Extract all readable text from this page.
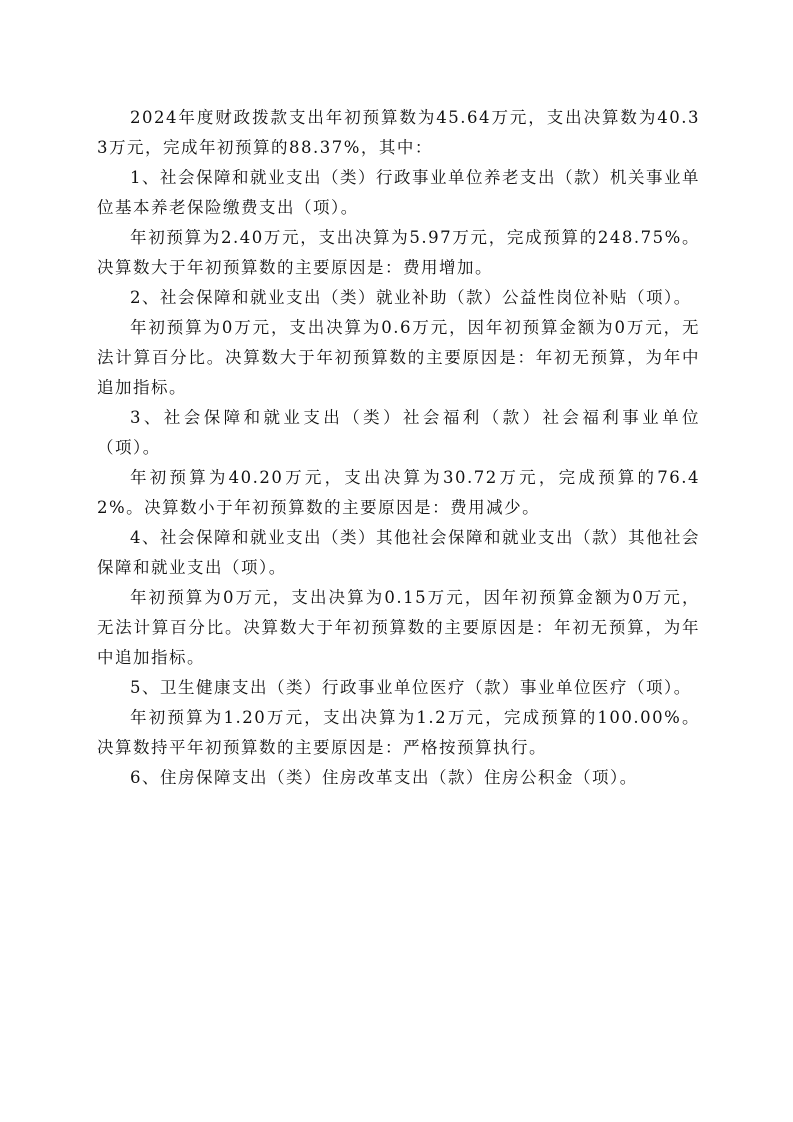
2024年度财政拨款支出年初预算数为45.64万元，支出决算数为40.33万元，完成年初预算的88.37%，其中：

1、社会保障和就业支出（类）行政事业单位养老支出（款）机关事业单位基本养老保险缴费支出（项）。

年初预算为2.40万元，支出决算为5.97万元，完成预算的248.75%。决算数大于年初预算数的主要原因是：费用增加。

2、社会保障和就业支出（类）就业补助（款）公益性岗位补贴（项）。

年初预算为0万元，支出决算为0.6万元，因年初预算金额为0万元，无法计算百分比。决算数大于年初预算数的主要原因是：年初无预算，为年中追加指标。

3、社会保障和就业支出（类）社会福利（款）社会福利事业单位（项）。

年初预算为40.20万元，支出决算为30.72万元，完成预算的76.42%。决算数小于年初预算数的主要原因是：费用减少。

4、社会保障和就业支出（类）其他社会保障和就业支出（款）其他社会保障和就业支出（项）。

年初预算为0万元，支出决算为0.15万元，因年初预算金额为0万元，无法计算百分比。决算数大于年初预算数的主要原因是：年初无预算，为年中追加指标。

5、卫生健康支出（类）行政事业单位医疗（款）事业单位医疗（项）。

年初预算为1.20万元，支出决算为1.2万元，完成预算的100.00%。决算数持平年初预算数的主要原因是：严格按预算执行。

6、住房保障支出（类）住房改革支出（款）住房公积金（项）。
